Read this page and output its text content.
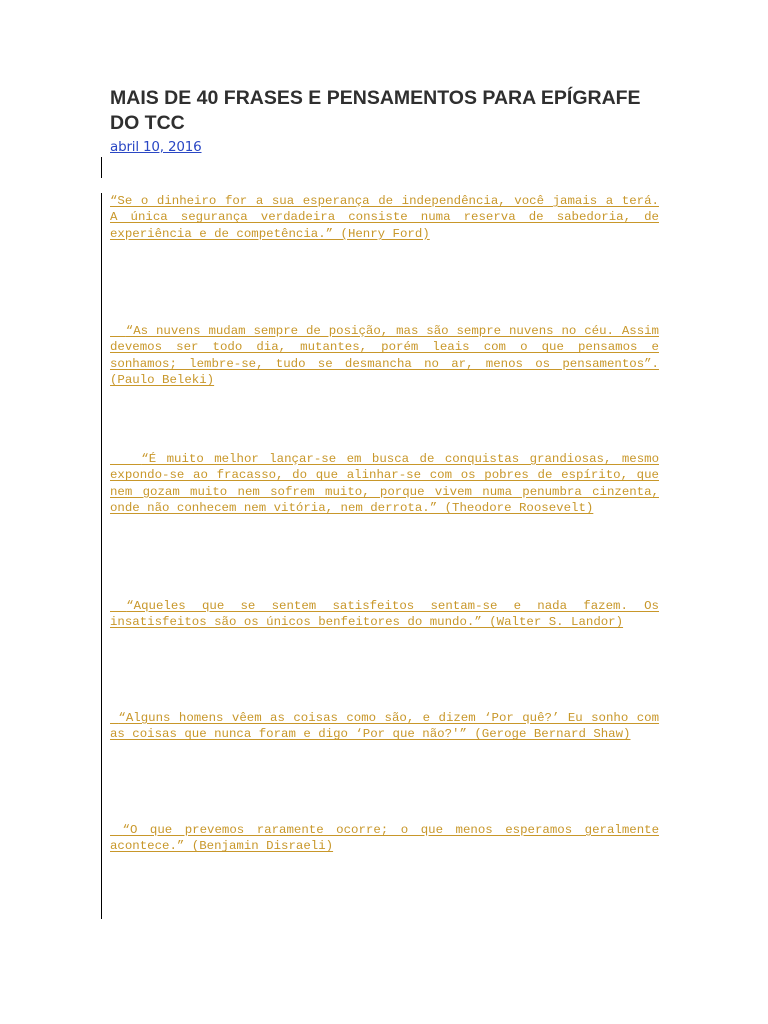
MAIS DE 40 FRASES E PENSAMENTOS PARA EPÍGRAFE DO TCC
abril 10, 2016

“Se o dinheiro for a sua esperança de independência, você jamais a terá. A única segurança verdadeira consiste numa reserva de sabedoria, de experiência e de competência.” (Henry Ford)

“As nuvens mudam sempre de posição, mas são sempre nuvens no céu. Assim devemos ser todo dia, mutantes, porém leais com o que pensamos e sonhamos; lembre-se, tudo se desmancha no ar, menos os pensamentos”. (Paulo Beleki)

“É muito melhor lançar-se em busca de conquistas grandiosas, mesmo expondo-se ao fracasso, do que alinhar-se com os pobres de espírito, que nem gozam muito nem sofrem muito, porque vivem numa penumbra cinzenta, onde não conhecem nem vitória, nem derrota.” (Theodore Roosevelt)

“Aqueles que se sentem satisfeitos sentam-se e nada fazem. Os insatisfeitos são os únicos benfeitores do mundo.” (Walter S. Landor)

“Alguns homens vêem as coisas como são, e dizem ‘Por quê?’ Eu sonho com as coisas que nunca foram e digo ‘Por que não?'” (Geroge Bernard Shaw)

“O que prevemos raramente ocorre; o que menos esperamos geralmente acontece.” (Benjamin Disraeli)
